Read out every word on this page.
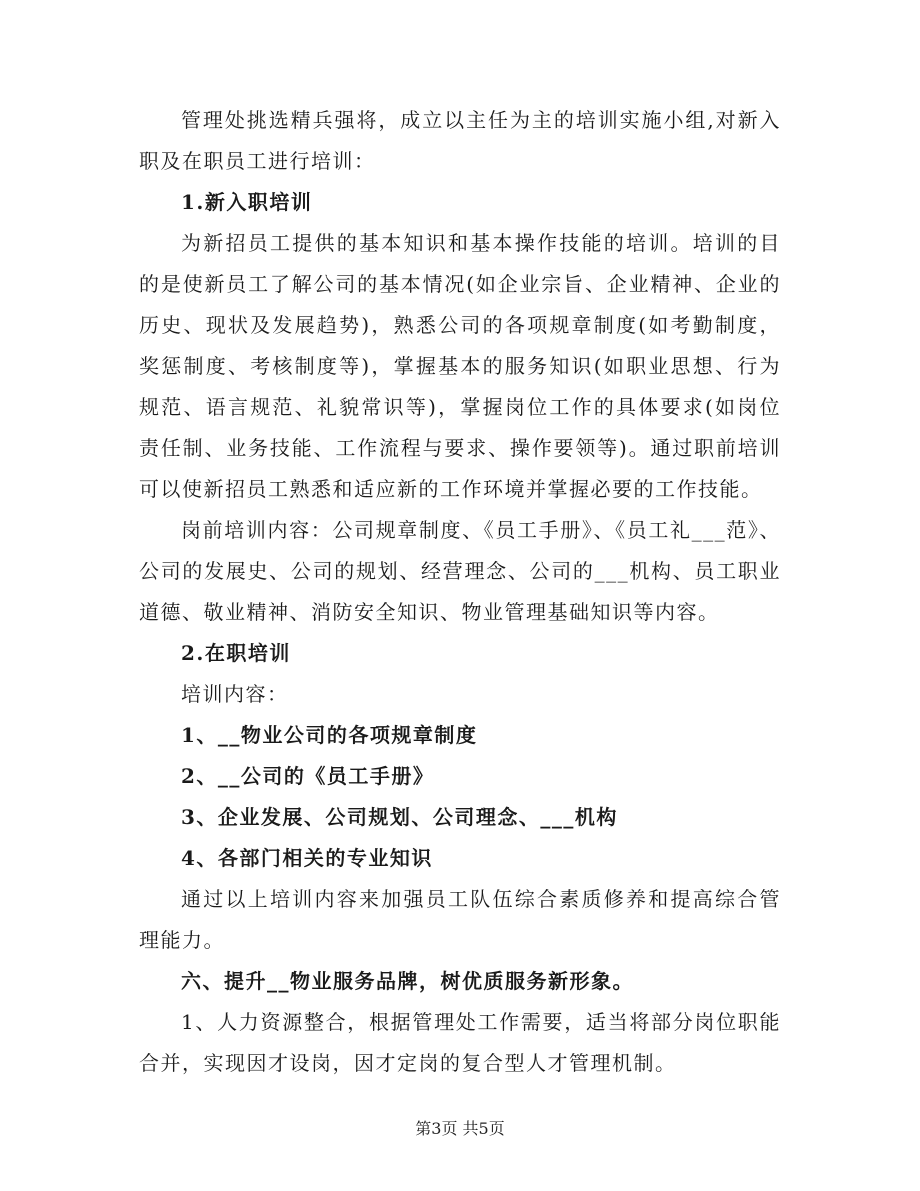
管理处挑选精兵强将，成立以主任为主的培训实施小组,对新入职及在职员工进行培训：

1.新入职培训

为新招员工提供的基本知识和基本操作技能的培训。培训的目的是使新员工了解公司的基本情况(如企业宗旨、企业精神、企业的历史、现状及发展趋势)，熟悉公司的各项规章制度(如考勤制度，奖惩制度、考核制度等)，掌握基本的服务知识(如职业思想、行为规范、语言规范、礼貌常识等)，掌握岗位工作的具体要求(如岗位责任制、业务技能、工作流程与要求、操作要领等)。通过职前培训可以使新招员工熟悉和适应新的工作环境并掌握必要的工作技能。

岗前培训内容：公司规章制度、《员工手册》、《员工礼___范》、公司的发展史、公司的规划、经营理念、公司的___机构、员工职业道德、敬业精神、消防安全知识、物业管理基础知识等内容。

2.在职培训

培训内容：

1、__物业公司的各项规章制度

2、__公司的《员工手册》

3、企业发展、公司规划、公司理念、___机构

4、各部门相关的专业知识

通过以上培训内容来加强员工队伍综合素质修养和提高综合管理能力。

六、提升__物业服务品牌，树优质服务新形象。

1、人力资源整合，根据管理处工作需要，适当将部分岗位职能合并，实现因才设岗，因才定岗的复合型人才管理机制。

第3页 共5页
